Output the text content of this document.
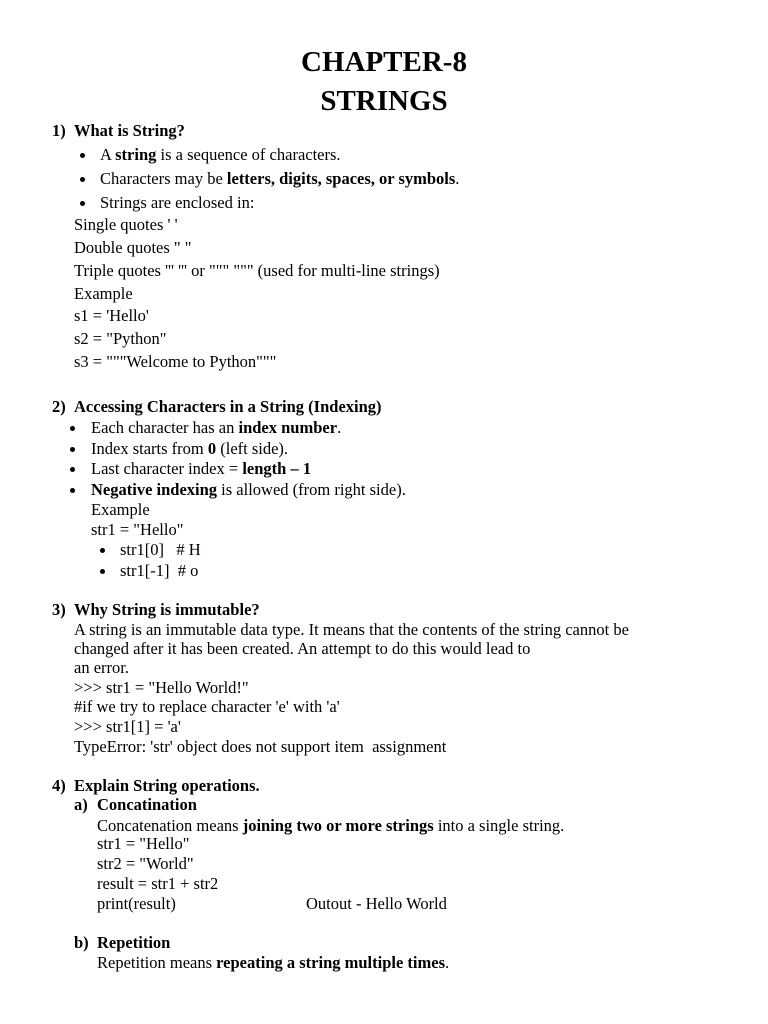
CHAPTER-8
STRINGS
1) What is String?
A string is a sequence of characters.
Characters may be letters, digits, spaces, or symbols.
Strings are enclosed in:
Single quotes ' '
Double quotes " "
Triple quotes ''' ''' or """ """ (used for multi-line strings)
Example
s1 = 'Hello'
s2 = "Python"
s3 = """Welcome to Python"""
2) Accessing Characters in a String (Indexing)
Each character has an index number.
Index starts from 0 (left side).
Last character index = length – 1
Negative indexing is allowed (from right side).
Example
str1 = "Hello"
str1[0]   # H
str1[-1]  # o
3) Why String is immutable?
A string is an immutable data type. It means that the contents of the string cannot be
changed after it has been created. An attempt to do this would lead to
an error.
>>> str1 = "Hello World!"
#if we try to replace character 'e' with 'a'
>>> str1[1] = 'a'
TypeError: 'str' object does not support item  assignment
4) Explain String operations.
a) Concatination
Concatenation means joining two or more strings into a single string.
str1 = "Hello"
str2 = "World"
result = str1 + str2
print(result)	Outout - Hello World
b) Repetition
Repetition means repeating a string multiple times.
